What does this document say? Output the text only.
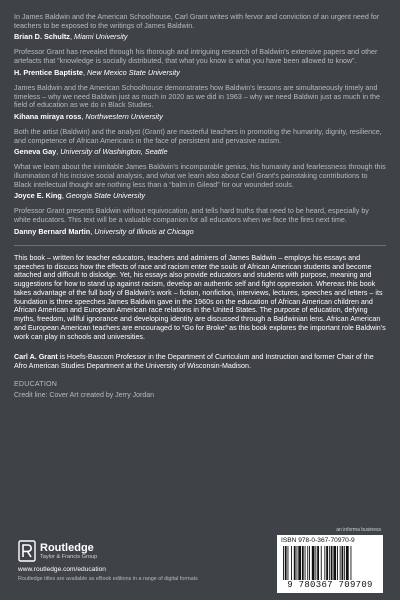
In James Baldwin and the American Schoolhouse, Carl Grant writes with fervor and conviction of an urgent need for teachers to be exposed to the writings of James Baldwin.

Brian D. Schultz, Miami University

Professor Grant has revealed through his thorough and intriguing research of Baldwin's extensive papers and other artefacts that “knowledge is socially distributed, that what you know is what you have been allowed to know”.

H. Prentice Baptiste, New Mexico State University

James Baldwin and the American Schoolhouse demonstrates how Baldwin's lessons are simultaneously timely and timeless – why we need Baldwin just as much in 2020 as we did in 1963 – why we need Baldwin just as much in the field of education as we do in Black Studies.

Kihana miraya ross, Northwestern University

Both the artist (Baldwin) and the analyst (Grant) are masterful teachers in promoting the humanity, dignity, resilience, and competence of African Americans in the face of persistent and pervasive racism.

Geneva Gay, University of Washington, Seattle

What we learn about the inimitable James Baldwin's incomparable genius, his humanity and fearlessness through this illumination of his incisive social analysis, and what we learn also about Carl Grant's painstaking contributions to Black intellectual thought are nothing less than a “balm in Gilead” for our wounded souls.

Joyce E. King, Georgia State University

Professor Grant presents Baldwin without equivocation, and tells hard truths that need to be heard, especially by white educators. This text will be a valuable companion for all educators when we face the fires next time.

Danny Bernard Martin, University of Illinois at Chicago

This book – written for teacher educators, teachers and admirers of James Baldwin – employs his essays and speeches to discuss how the effects of race and racism enter the souls of African American students and become attached and difficult to dislodge. Yet, his essays also provide educators and students with purpose, meaning and suggestions for how to stand up against racism, develop an authentic self and fight oppression. Whereas this book takes advantage of the full body of Baldwin's work – fiction, nonfiction, interviews, lectures, speeches and letters – its foundation is three speeches James Baldwin gave in the 1960s on the education of African American children and African American and European American race relations in the United States. The purpose of education, defying myths, freedom, willful ignorance and developing identity are discussed through a Baldwinian lens. African American and European American teachers are encouraged to “Go for Broke” as this book explores the important role Baldwin's work can play in schools and universities.

Carl A. Grant is Hoefs-Bascom Professor in the Department of Curriculum and Instruction and former Chair of the Afro American Studies Department at the University of Wisconsin-Madison.

EDUCATION

Credit line: Cover Art created by Jerry Jordan

Routledge
Taylor & Francis Group
www.routledge.com/education
Routledge titles are available as eBook editions in a range of digital formats
an informa business
ISBN 978-0-367-70970-9
9 780367 709709
